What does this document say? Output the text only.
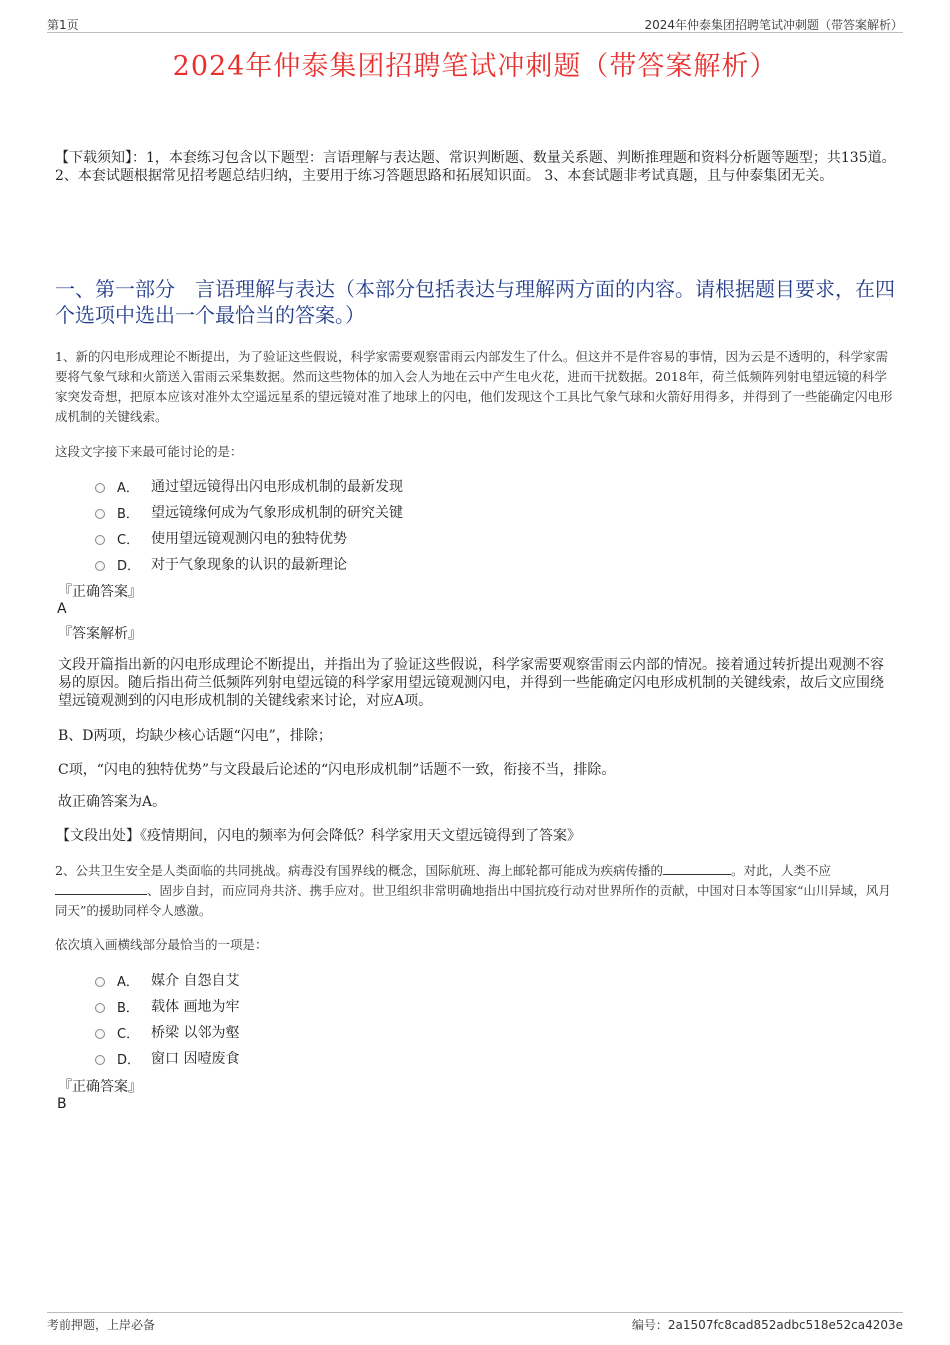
第1页	2024年仲泰集团招聘笔试冲刺题（带答案解析）
2024年仲泰集团招聘笔试冲刺题（带答案解析）
【下载须知】：1，本套练习包含以下题型：言语理解与表达题、常识判断题、数量关系题、判断推理题和资料分析题等题型；共135道。 2、本套试题根据常见招考题总结归纳，主要用于练习答题思路和拓展知识面。 3、本套试题非考试真题，且与仲泰集团无关。
一、第一部分　言语理解与表达（本部分包括表达与理解两方面的内容。请根据题目要求，在四个选项中选出一个最恰当的答案。）
1、新的闪电形成理论不断提出，为了验证这些假说，科学家需要观察雷雨云内部发生了什么。但这并不是件容易的事情，因为云是不透明的，科学家需要将气象气球和火箭送入雷雨云采集数据。然而这些物体的加入会人为地在云中产生电火花，进而干扰数据。2018年，荷兰低频阵列射电望远镜的科学家突发奇想，把原本应该对准外太空遥远星系的望远镜对准了地球上的闪电，他们发现这个工具比气象气球和火箭好用得多，并得到了一些能确定闪电形成机制的关键线索。
这段文字接下来最可能讨论的是：
A． 通过望远镜得出闪电形成机制的最新发现
B． 望远镜缘何成为气象形成机制的研究关键
C． 使用望远镜观测闪电的独特优势
D． 对于气象现象的认识的最新理论
『正确答案』
A
『答案解析』
文段开篇指出新的闪电形成理论不断提出，并指出为了验证这些假说，科学家需要观察雷雨云内部的情况。接着通过转折提出观测不容易的原因。随后指出荷兰低频阵列射电望远镜的科学家用望远镜观测闪电，并得到一些能确定闪电形成机制的关键线索，故后文应围绕望远镜观测到的闪电形成机制的关键线索来讨论，对应A项。
B、D两项，均缺少核心话题“闪电”，排除；
C项，“闪电的独特优势”与文段最后论述的“闪电形成机制”话题不一致，衔接不当，排除。
故正确答案为A。
【文段出处】《疫情期间，闪电的频率为何会降低？科学家用天文望远镜得到了答案》
2、公共卫生安全是人类面临的共同挑战。病毒没有国界线的概念，国际航班、海上邮轮都可能成为疾病传播的	。对此，人类不应、固步自封，而应同舟共济、携手应对。世卫组织非常明确地指出中国抗疫行动对世界所作的贡献，中国对日本等国家“山川异域，风月同天”的援助同样令人感激。
依次填入画横线部分最恰当的一项是：
A． 媒介 自怨自艾
B． 载体 画地为牢
C． 桥梁 以邻为壑
D． 窗口 因噎废食
『正确答案』
B
考前押题，上岸必备	编号：2a1507fc8cad852adbc518e52ca4203e
